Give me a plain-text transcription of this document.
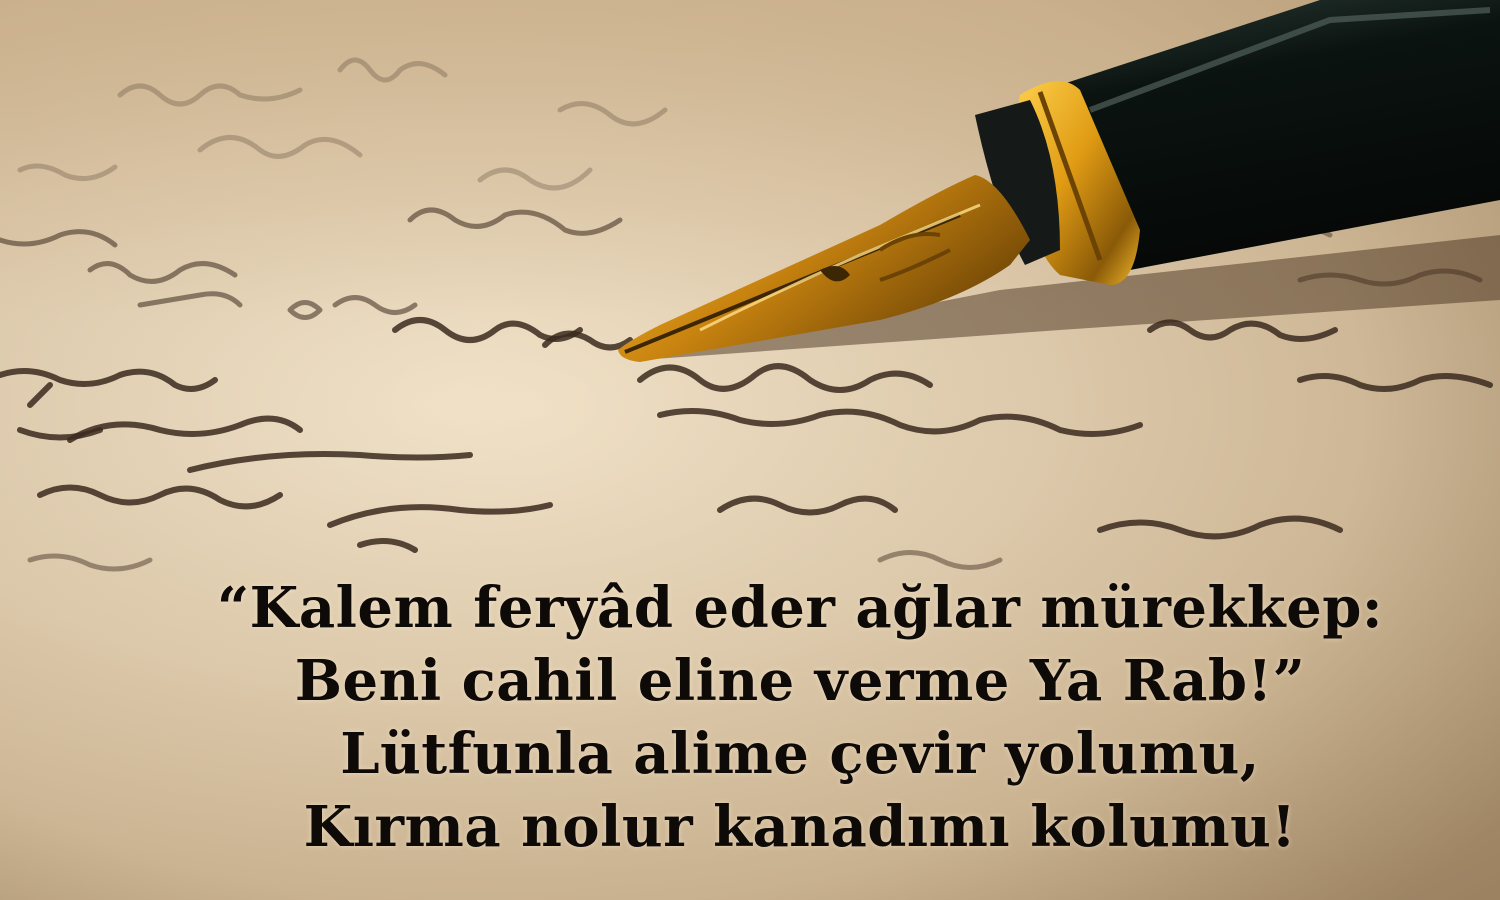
“Kalem feryâd eder ağlar mürekkep:
Beni cahil eline verme Ya Rab!”
Lütfunla alime çevir yolumu,
Kırma nolur kanadımı kolumu!
